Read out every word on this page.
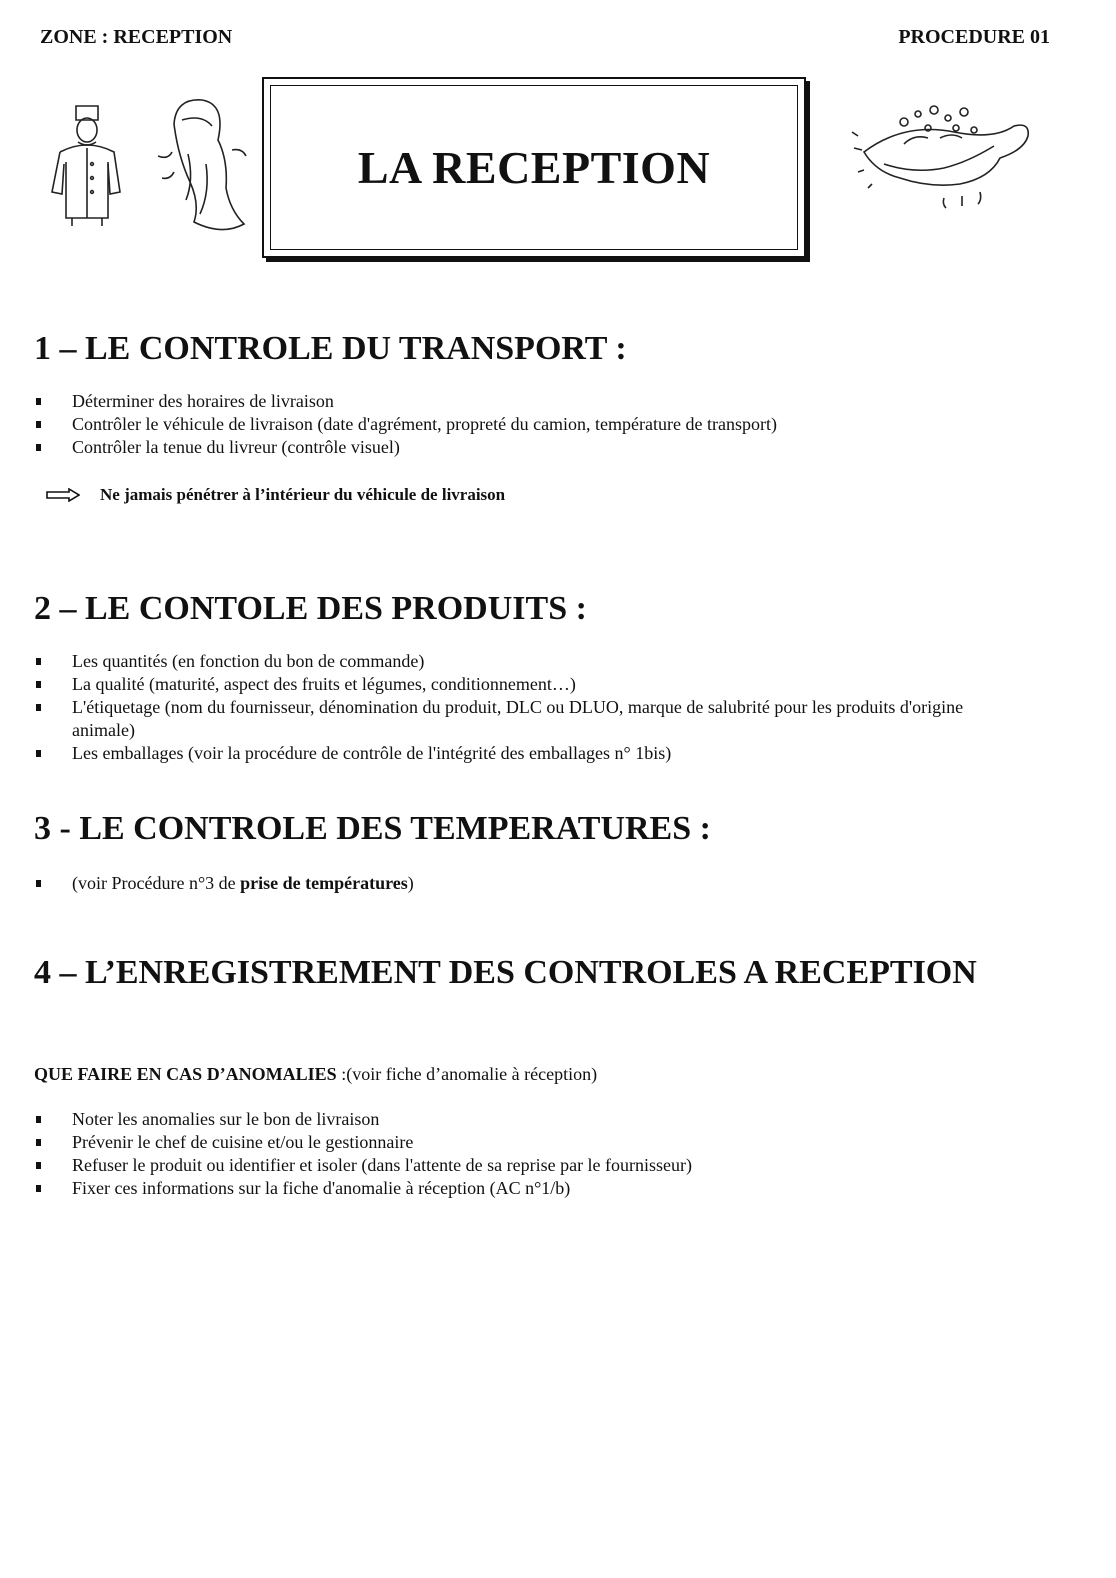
ZONE : RECEPTION	PROCEDURE 01
LA RECEPTION
1 – LE CONTROLE DU TRANSPORT :
Déterminer des horaires de livraison
Contrôler le véhicule de livraison (date d'agrément, propreté du camion, température de transport)
Contrôler la tenue du livreur (contrôle visuel)
Ne jamais pénétrer à l’intérieur du véhicule de livraison
2 – LE CONTOLE DES PRODUITS :
Les quantités (en fonction du bon de commande)
La qualité (maturité, aspect des fruits et légumes, conditionnement…)
L'étiquetage (nom du fournisseur, dénomination du produit, DLC ou DLUO, marque de salubrité pour les produits d'origine animale)
Les emballages (voir la procédure de contrôle de l'intégrité des emballages n° 1bis)
3 - LE CONTROLE DES TEMPERATURES :
(voir Procédure n°3 de prise de températures)
4 – L’ENREGISTREMENT DES CONTROLES A RECEPTION
QUE FAIRE EN CAS D’ANOMALIES :(voir fiche d’anomalie à réception)
Noter les anomalies sur le bon de livraison
Prévenir le chef de cuisine et/ou le gestionnaire
Refuser le produit ou identifier et isoler (dans l'attente de sa reprise par le fournisseur)
Fixer ces informations sur la fiche d'anomalie à réception (AC n°1/b)
